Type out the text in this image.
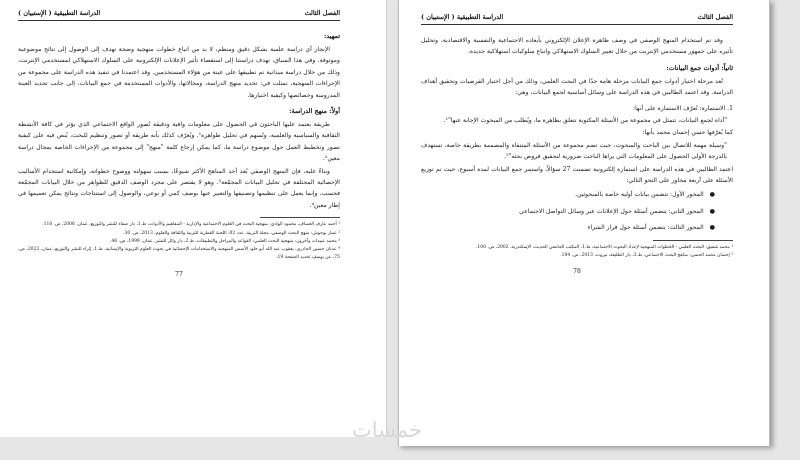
الفصل الثالث
الدراسة التطبيقية ( الإستبيان )
تمهيد:

الإنجاز أي دراسة علمية بشكل دقيق ومنظم، لا بد من اتباع خطوات منهجية وضحة تهدف إلى الوصول إلى نتائج موضوعية وموثوقة. وفي هذا السياق، تهدف دراستنا إلى استقصاء تأثير الإعلانات الإلكترونية على السلوك الاستهلاكي لمستخدمي الإنترنت، وذلك من خلال دراسة ميدانية تم تطبيقها على عينة من هؤلاء المستخدمين. وقد اعتمدنا في تنفيذ هذه الدراسة على مجموعة من الإجراءات المنهجية، تمثلت في: تحديد منهج الدراسة، ومجالاتها، والأدوات المستخدمة في جمع البيانات، إلى جانب تحديد العينة المدروسة وخصائصها وكيفية اختيارها.

أولاً: منهج الدراسة:

طريقة يعتمد عليها الباحثون في الحصول على معلومات وافية ودقيقة تُصور الواقع الاجتماعي الذي يؤثر في كافة الأنشطة الثقافية والسياسية والعلمية، وتُسهم في تحليل ظواهره¹. ويُعرّف كذلك بأنه طريقة أو تصور وتنظيم للبحث، يُنص فيه على كيفية تصور وتخطيط العمل حول موضوع دراسة ما، كما يمكن إرجاع كلمة "منهج" إلى مجموعة من الإجراءات الخاصة بمجال دراسة معين².

وبناءً عليه، فإن المنهج الوصفي يُعد أحد المناهج الأكثر شيوعًا، بسبب سهولته ووضوح خطواته، وإمكانية استخدام الأساليب الإحصائية المختلفة في تحليل البيانات المجمّعة³. وهو لا يقتصر على مجرد الوصف الدقيق للظواهر من خلال البيانات المجمّعة فحسب، وإنما يعمل على تنظيمها وتصنيفها والتعبير عنها بوصف كمي أو نوعي، والوصول إلى استنتاجات ونتائج يمكن تعميمها في إطار معين⁴.

¹ أحمد عارف العساف، محمود الوادي: منهجية البحث في العلوم الاجتماعية والإدارية - المفاهيم والأدوات، ط.1، دار صفاء للنشر والتوزيع، عمان، 2006، ص. 110.

² عمار بوحوش: منهج البحث الوصفي، مجلة التربية، عدد 02، اللجنة القطرية للتربية والثقافة والعلوم، 2013، ص. 30.

³ محمد عبيدات وآخرون: منهجية البحث العلمي: القواعد والمراحل والتطبيقات، ط.2، دار وائل للنشر، عمان، 1999، ص. 46.

⁴ عدنان حسين الجادري، يعقوب عبد الله أبو حلو: الأسس المنهجية والاستخدامات الإحصائية في بحوث العلوم التربوية والإنسانية، ط.1، إثراء للنشر والتوزيع، عمان، 2023، ص. 75، عن يوسف تحديد الصفحة 19.

77
الفصل الثالث
الدراسة التطبيقية ( الإستبيان )

وقد تم استخدام المنهج الوصفي في وصف ظاهرة الإعلان الإلكتروني بأبعاده الاجتماعية والنفسية والاقتصادية، وتحليل تأثيره على جمهور مستخدمي الإنترنت من خلال تغيير السلوك الاستهلاكي واتباع سلوكيات استهلاكية جديدة.

ثانياً: أدوات جمع البيانات:

تُعد مرحلة اختيار أدوات جمع البيانات مرحلة هامة جدًا في البحث العلمي، وذلك من أجل اختبار الفرضيات وتحقيق أهداف الدراسة. وقد اعتمد الطالبين في هذه الدراسة على وسائل أساسية لجمع البيانات، وهي:

1. الاستمارة: تُعرّف الاستمارة على أنها:

"أداة لجمع البيانات، تتمثل في مجموعة من الأسئلة المكتوبة تتعلق بظاهرة ما، ويُطلب من المبحوث الإجابة عنها"¹.

كما يُعرّفها حسن إحسان محمد بأنها:

"وسيلة مهمة للاتصال بين الباحث والمبحوث، حيث تضم مجموعة من الأسئلة المنتقاة والمصممة بطريقة خاصة، تستهدف بالدرجة الأولى الحصول على المعلومات التي يراها الباحث ضرورية لتحقيق فروض بحثه"².

اعتمد الطالبين في هذه الدراسة على استمارة إلكترونية تضمنت 27 سؤالاً، واستمر جمع البيانات لمدة أسبوع، حيث تم توزيع الأسئلة على أربعة محاور على النحو التالي:

●
المحور الأول: تتضمن بيانات أولية خاصة بالمبحوثين.
●
المحور الثاني: يتضمن أسئلة حول الإعلانات عبر وسائل التواصل الاجتماعي
●
المحور الثالث: يتضمن أسئلة حول قرار الشراء

¹ محمد شفيق: البحث العلمي - الخطوات المنهجية لإعداد البحوث الاجتماعية، ط.1، المكتب الجامعي الحديث، الإسكندرية، 2002، ص. 100.

² إحسان محمد الحسن: مناهج البحث الاجتماعي، ط.3، دار الطليعة، بيروت، 2013، ص. 184.

78
خمسات
